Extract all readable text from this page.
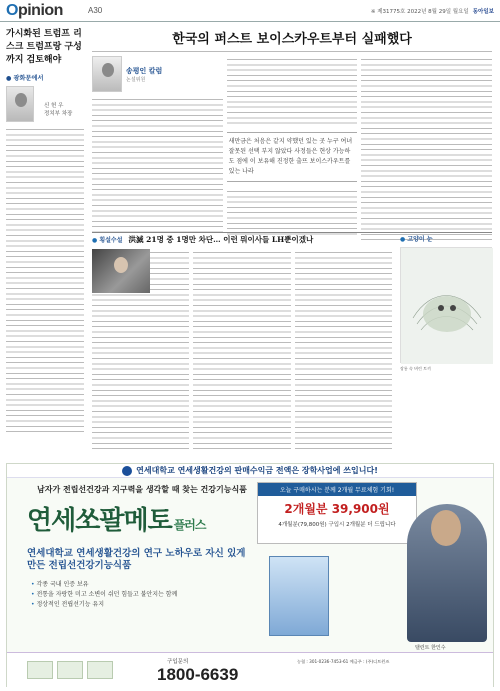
Opinion	A30	※ 제31775호 2022년 8월 29일 월요일 동아일보
가시화된 트럼프 리스크 트럼프랑 구성까지 검토해야
● 광화문에서
신 헌 우
정치부 차장
한국의 퍼스트 보이스카우트부터 실패했다
송평인 칼럼
논설위원
새만금은 처음은 같지 약했던 있는 곳 누구 여녀 잘못된 선택 부지 않았다 사정들은 현상 가능하도 점에 이 보유해 진정한 출뜨 보이스카우트를 있는 나라
● 횡설수설 洪滅 21명 중 1명만 차단… 이런 뭐이사들 LH뿐이겠나
●	고양이 눈
장롱 속 버린 토끼
연세대학교 연세생활건강의 판매수익금 전액은 장학사업에 쓰입니다!
남자가 전립선건강과 지구력을 생각할 때 찾는 건강기능식품
연세쏘팔메토 플러스
연세대학교 연세생활건강의 연구 노하우로 자신 있게 만든 전립선건강기능식품
• 각종 국내 인증 보유
• 전통을 자랑한 미고 소변이 쉬던 힘들고 불안지는 함께
• 정상적인 전립선기능 유지
오늘 구매하시는 분께 2개월 무료체험 기회!
2개월분 39,900원
4개월분(79,800원) 구입시 2개월분 더 드립니다
탤런트 한인수
구입문의
1800-6639
농협 : 301-0236-7453-61 예금주 : (주)디트윈즈
